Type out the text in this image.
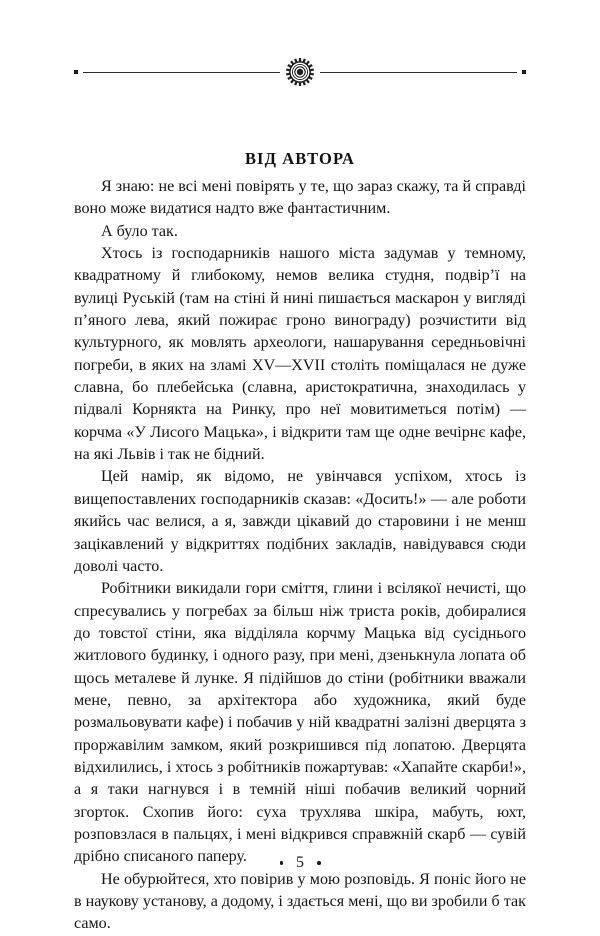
ВІД АВТОРА

Я знаю: не всі мені повірять у те, що зараз скажу, та й справді воно може видатися надто вже фантастичним.

А було так.

Хтось із господарників нашого міста задумав у темному, квадратному й глибокому, немов велика студня, подвір’ї на вулиці Руській (там на стіні й нині пишається маскарон у вигляді п’яного лева, який пожирає гроно винограду) розчистити від культурного, як мовлять археологи, нашарування середньовічні погреби, в яких на зламі XV—XVII століть поміщалася не дуже славна, бо плебейська (славна, аристократична, знаходилась у підвалі Корнякта на Ринку, про неї мовитиметься потім) — корчма «У Лисого Мацька», і відкрити там ще одне вечірнє кафе, на які Львів і так не бідний.

Цей намір, як відомо, не увінчався успіхом, хтось із вищепоставлених господарників сказав: «Досить!» — але роботи якийсь час велися, а я, завжди цікавий до старовини і не менш зацікавлений у відкриттях подібних закладів, навідувався сюди доволі часто.

Робітники викидали гори сміття, глини і всілякої нечисті, що спресувались у погребах за більш ніж триста років, добиралися до товстої стіни, яка відділяла корчму Мацька від сусіднього житлового будинку, і одного разу, при мені, дзенькнула лопата об щось металеве й лунке. Я підійшов до стіни (робітники вважали мене, певно, за архітектора або художника, який буде розмальовувати кафе) і побачив у ній квадратні залізні дверцята з проржавілим замком, який розкришився під лопатою. Дверцята відхилились, і хтось з робітників пожартував: «Хапайте скарби!», а я таки нагнувся і в темній ніші побачив великий чорний згорток. Схопив його: суха трухлява шкіра, мабуть, юхт, розповзлася в пальцях, і мені відкрився справжній скарб — сувій дрібно списаного паперу.

Не обурюйтеся, хто повірив у мою розповідь. Я поніс його не в наукову установу, а додому, і здається мені, що ви зробили б так само.

5
